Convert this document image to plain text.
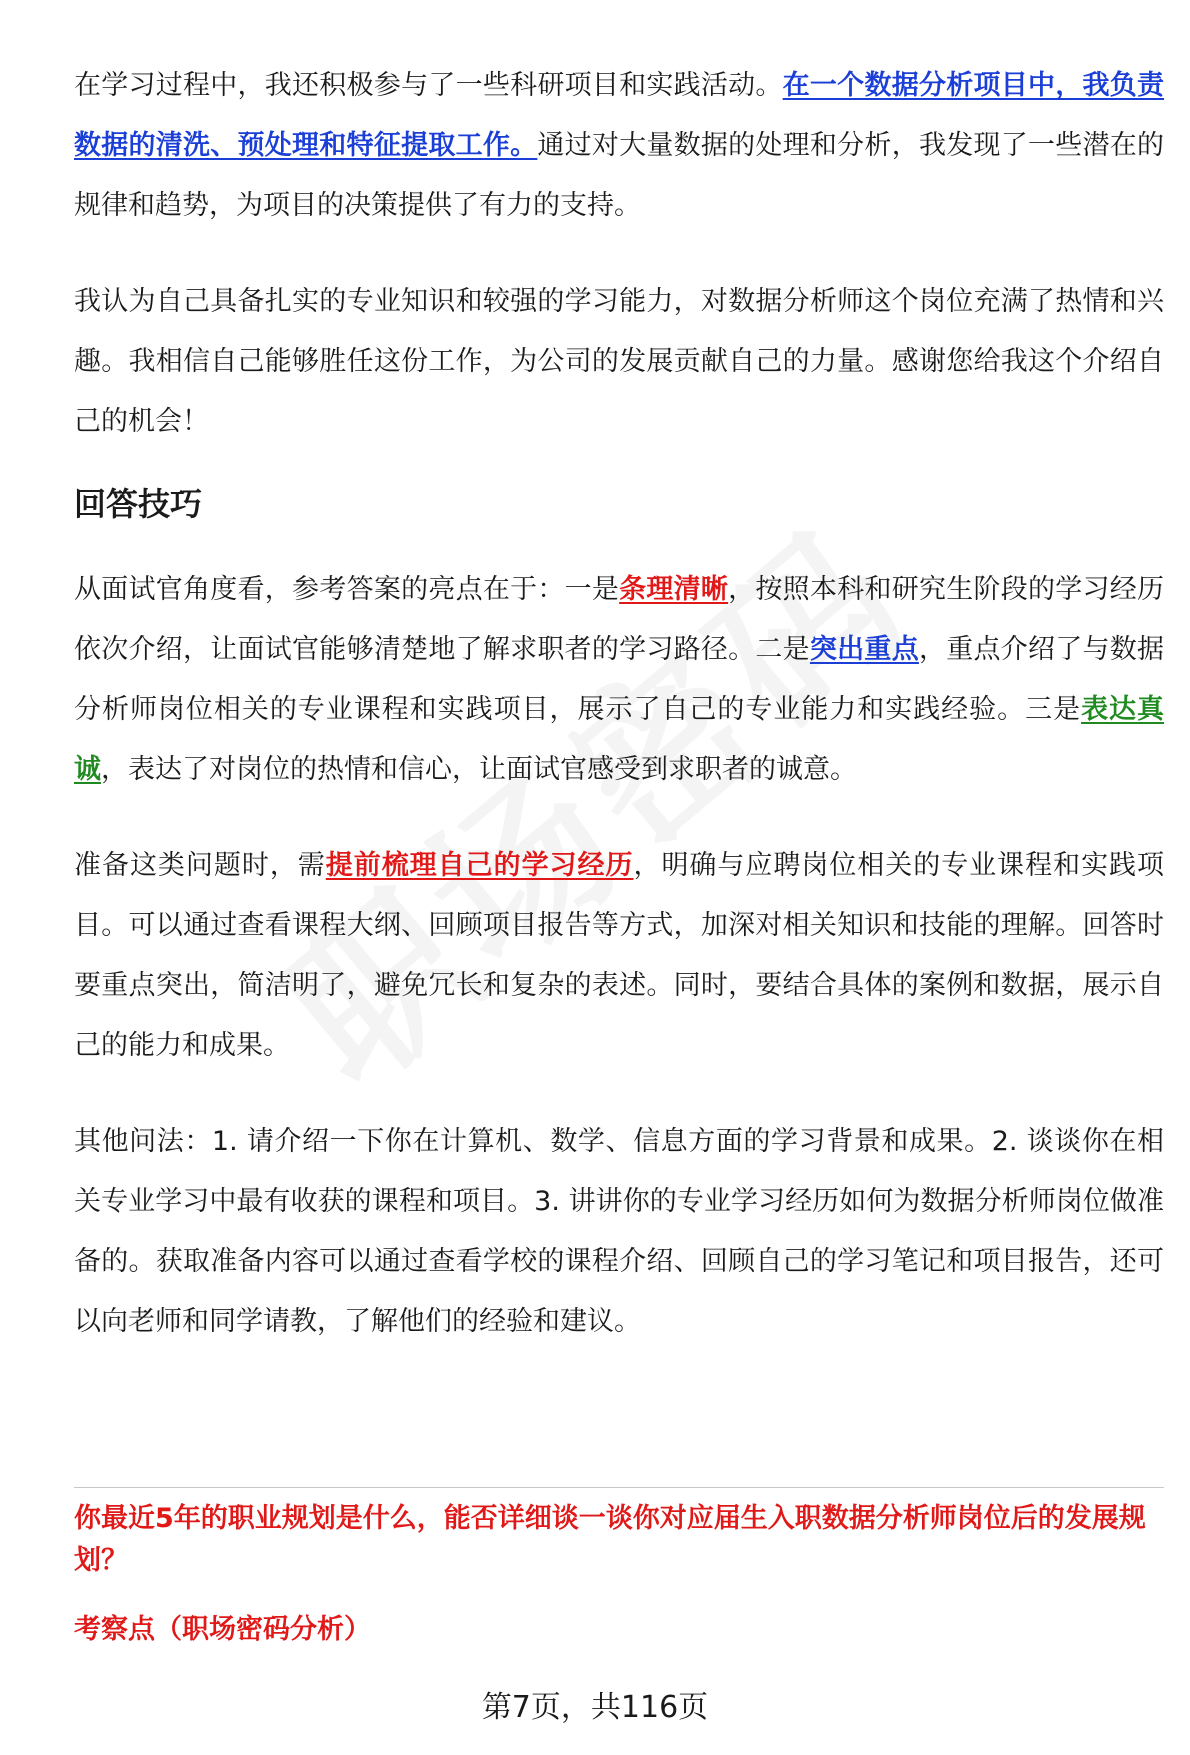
在学习过程中，我还积极参与了一些科研项目和实践活动。在一个数据分析项目中，我负责数据的清洗、预处理和特征提取工作。通过对大量数据的处理和分析，我发现了一些潜在的规律和趋势，为项目的决策提供了有力的支持。

我认为自己具备扎实的专业知识和较强的学习能力，对数据分析师这个岗位充满了热情和兴趣。我相信自己能够胜任这份工作，为公司的发展贡献自己的力量。感谢您给我这个介绍自己的机会！

回答技巧

从面试官角度看，参考答案的亮点在于：一是条理清晰，按照本科和研究生阶段的学习经历依次介绍，让面试官能够清楚地了解求职者的学习路径。二是突出重点，重点介绍了与数据分析师岗位相关的专业课程和实践项目，展示了自己的专业能力和实践经验。三是表达真诚，表达了对岗位的热情和信心，让面试官感受到求职者的诚意。

准备这类问题时，需提前梳理自己的学习经历，明确与应聘岗位相关的专业课程和实践项目。可以通过查看课程大纲、回顾项目报告等方式，加深对相关知识和技能的理解。回答时要重点突出，简洁明了，避免冗长和复杂的表述。同时，要结合具体的案例和数据，展示自己的能力和成果。

其他问法：1. 请介绍一下你在计算机、数学、信息方面的学习背景和成果。2. 谈谈你在相关专业学习中最有收获的课程和项目。3. 讲讲你的专业学习经历如何为数据分析师岗位做准备的。获取准备内容可以通过查看学校的课程介绍、回顾自己的学习笔记和项目报告，还可以向老师和同学请教，了解他们的经验和建议。

你最近5年的职业规划是什么，能否详细谈一谈你对应届生入职数据分析师岗位后的发展规划？

考察点（职场密码分析）

第7页，共116页
